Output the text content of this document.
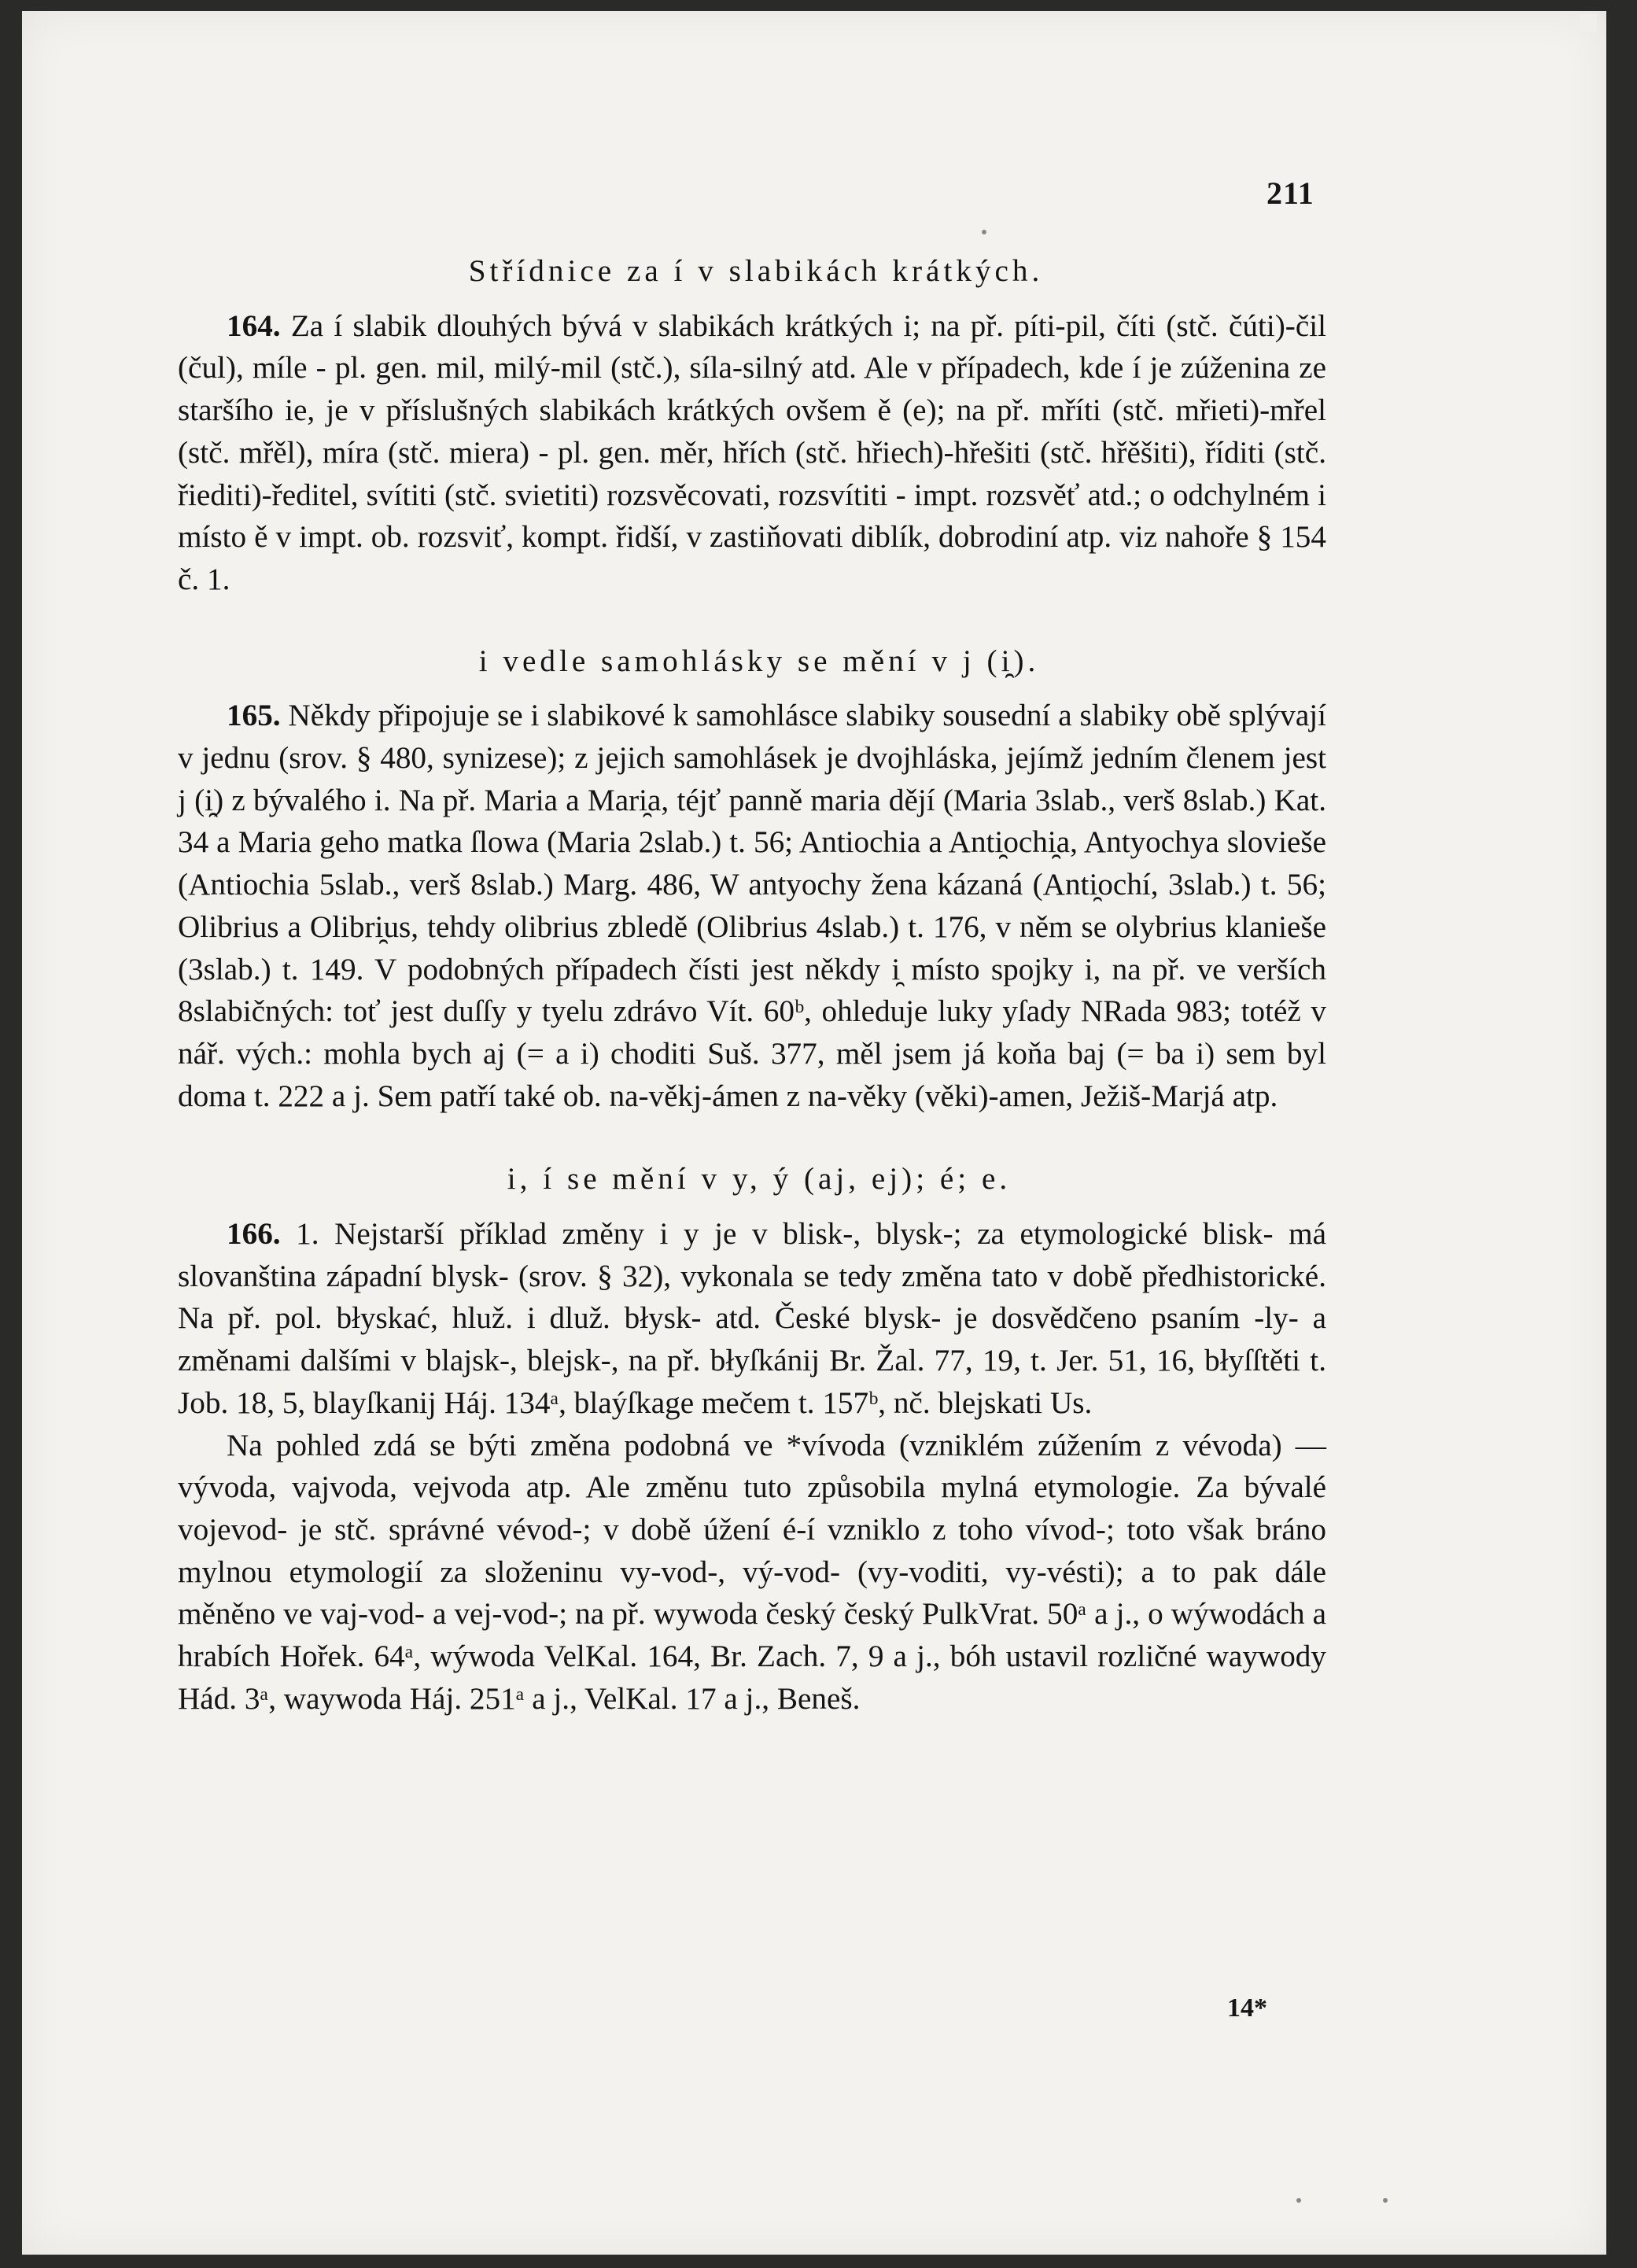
211

Střídnice za í v slabikách krátkých.

164. Za í slabik dlouhých bývá v slabikách krátkých i; na př. píti-pil, číti (stč. čúti)-čil (čul), míle - pl. gen. mil, milý-mil (stč.), síla-silný atd. Ale v případech, kde í je zúženina ze staršího ie, je v příslušných slabikách krátkých ovšem ě (e); na př. mříti (stč. mřieti)-mřel (stč. mřěl), míra (stč. miera) - pl. gen. měr, hřích (stč. hřiech)-hřešiti (stč. hřěšiti), říditi (stč. řiediti)-ředitel, svítiti (stč. svietiti) rozsvěcovati, rozsvítiti - impt. rozsvěť atd.; o odchylném i místo ě v impt. ob. rozsviť, kompt. řidší, v zastiňovati diblík, dobrodiní atp. viz nahoře § 154 č. 1.

i vedle samohlásky se mění v j (i̯).

165. Někdy připojuje se i slabikové k samohlásce slabiky sousední a slabiky obě splývají v jednu (srov. § 480, synizese); z jejich samohlásek je dvojhláska, jejímž jedním členem jest j (i̯) z bývalého i. Na př. Maria a Mari̯a, téjť panně maria dějí (Maria 3slab., verš 8slab.) Kat. 34 a Maria geho matka ſlowa (Maria 2slab.) t. 56; Antiochia a Anti̯ochi̯a, Antyochya slovieše (Antiochia 5slab., verš 8slab.) Marg. 486, W antyochy žena kázaná (Anti̯ochí, 3slab.) t. 56; Olibrius a Olibri̯us, tehdy olibrius zbledě (Olibrius 4slab.) t. 176, v něm se olybrius klanieše (3slab.) t. 149. V podobných případech čísti jest někdy i̯ místo spojky i, na př. ve verších 8slabičných: toť jest duſſy y tyelu zdrávo Vít. 60ᵇ, ohleduje luky yſady NRada 983; totéž v nář. vých.: mohla bych aj (= a i) choditi Suš. 377, měl jsem já koňa baj (= ba i) sem byl doma t. 222 a j. Sem patří také ob. na-věkj-ámen z na-věky (věki)-amen, Ježiš-Marjá atp.

i, í se mění v y, ý (aj, ej); é; e.

166. 1. Nejstarší příklad změny i y je v blisk-, blysk-; za etymologické blisk- má slovanština západní blysk- (srov. § 32), vykonala se tedy změna tato v době předhistorické. Na př. pol. błyskać, hluž. i dluž. błysk- atd. České blysk- je dosvědčeno psaním -ly- a změnami dalšími v blajsk-, blejsk-, na př. błyſkánij Br. Žal. 77, 19, t. Jer. 51, 16, błyſſtěti t. Job. 18, 5, blayſkanij Háj. 134ᵃ, blaýſkage mečem t. 157ᵇ, nč. blejskati Us.

Na pohled zdá se býti změna podobná ve *vívoda (vzniklém zúžením z vévoda) — vývoda, vajvoda, vejvoda atp. Ale změnu tuto způsobila mylná etymologie. Za bývalé vojevod- je stč. správné vévod-; v době úžení é-í vzniklo z toho vívod-; toto však bráno mylnou etymologií za složeninu vy-vod-, vý-vod- (vy-voditi, vy-vésti); a to pak dále měněno ve vaj-vod- a vej-vod-; na př. wywoda český český PulkVrat. 50ᵃ a j., o wýwodách a hrabích Hořek. 64ᵃ, wýwoda VelKal. 164, Br. Zach. 7, 9 a j., bóh ustavil rozličné waywody Hád. 3ᵃ, waywoda Háj. 251ᵃ a j., VelKal. 17 a j., Beneš.

14*
